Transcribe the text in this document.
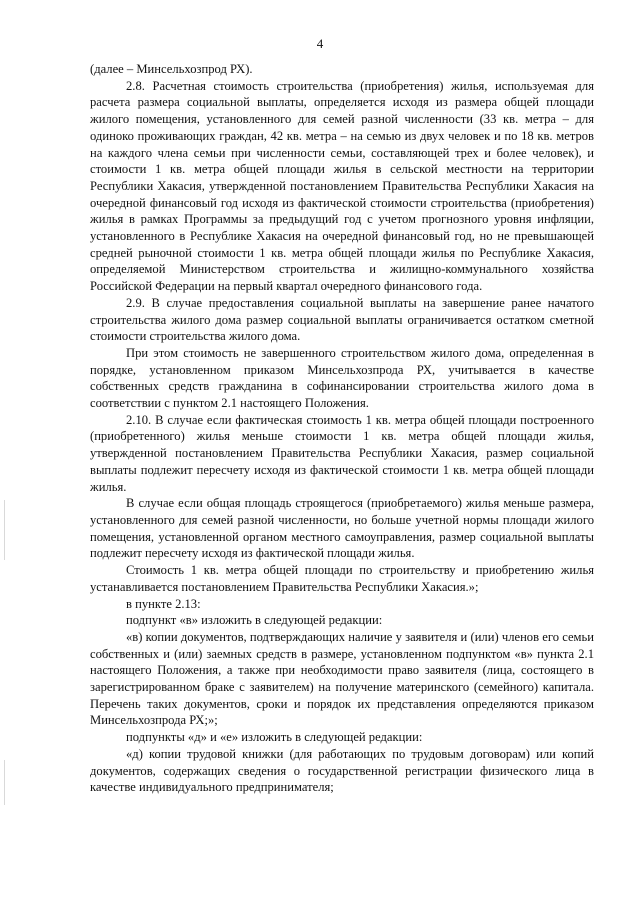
4

(далее – Минсельхозпрод РХ).

2.8. Расчетная стоимость строительства (приобретения) жилья, используемая для расчета размера социальной выплаты, определяется исходя из размера общей площади жилого помещения, установленного для семей разной численности (33 кв. метра – для одиноко проживающих граждан, 42 кв. метра – на семью из двух человек и по 18 кв. метров на каждого члена семьи при численности семьи, составляющей трех и более человек), и стоимости 1 кв. метра общей площади жилья в сельской местности на территории Республики Хакасия, утвержденной постановлением Правительства Республики Хакасия на очередной финансовый год исходя из фактической стоимости строительства (приобретения) жилья в рамках Программы за предыдущий год с учетом прогнозного уровня инфляции, установленного в Республике Хакасия на очередной финансовый год, но не превышающей средней рыночной стоимости 1 кв. метра общей площади жилья по Республике Хакасия, определяемой Министерством строительства и жилищно-коммунального хозяйства Российской Федерации на первый квартал очередного финансового года.

2.9. В случае предоставления социальной выплаты на завершение ранее начатого строительства жилого дома размер социальной выплаты ограничивается остатком сметной стоимости строительства жилого дома.

При этом стоимость не завершенного строительством жилого дома, определенная в порядке, установленном приказом Минсельхозпрода РХ, учитывается в качестве собственных средств гражданина в софинансировании строительства жилого дома в соответствии с пунктом 2.1 настоящего Положения.

2.10. В случае если фактическая стоимость 1 кв. метра общей площади построенного (приобретенного) жилья меньше стоимости 1 кв. метра общей площади жилья, утвержденной постановлением Правительства Республики Хакасия, размер социальной выплаты подлежит пересчету исходя из фактической стоимости 1 кв. метра общей площади жилья.

В случае если общая площадь строящегося (приобретаемого) жилья меньше размера, установленного для семей разной численности, но больше учетной нормы площади жилого помещения, установленной органом местного самоуправления, размер социальной выплаты подлежит пересчету исходя из фактической площади жилья.

Стоимость 1 кв. метра общей площади по строительству и приобретению жилья устанавливается постановлением Правительства Республики Хакасия.»;

в пункте 2.13:

подпункт «в» изложить в следующей редакции:

«в) копии документов, подтверждающих наличие у заявителя и (или) членов его семьи собственных и (или) заемных средств в размере, установленном подпунктом «в» пункта 2.1 настоящего Положения, а также при необходимости право заявителя (лица, состоящего в зарегистрированном браке с заявителем) на получение материнского (семейного) капитала. Перечень таких документов, сроки и порядок их представления определяются приказом Минсельхозпрода РХ;»;

подпункты «д» и «е» изложить в следующей редакции:

«д) копии трудовой книжки (для работающих по трудовым договорам) или копий документов, содержащих сведения о государственной регистрации физического лица в качестве индивидуального предпринимателя;
